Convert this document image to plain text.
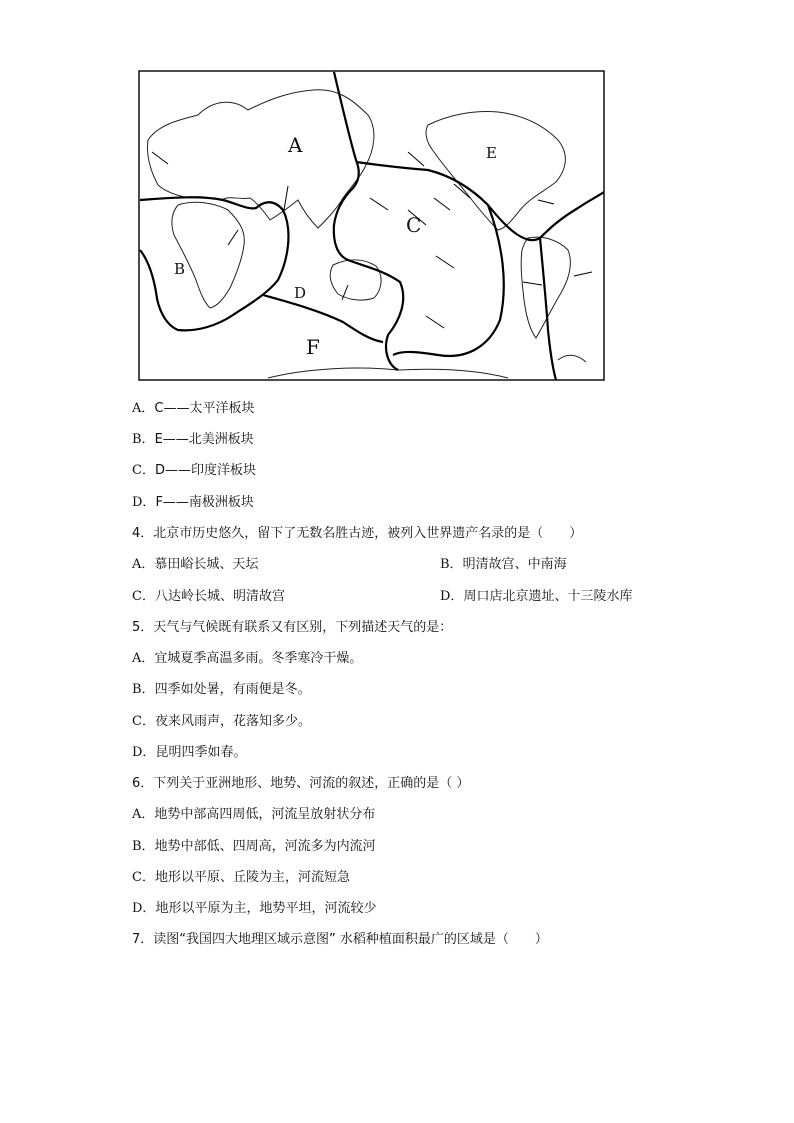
A
B
C
D
E
F
A．C——太平洋板块
B．E——北美洲板块
C．D——印度洋板块
D．F——南极洲板块
4．北京市历史悠久，留下了无数名胜古迹，被列入世界遗产名录的是（　　）
A．慕田峪长城、天坛	B．明清故宫、中南海
C．八达岭长城、明清故宫	D．周口店北京遗址、十三陵水库
5．天气与气候既有联系又有区别，下列描述天气的是：
A．宜城夏季高温多雨。冬季寒冷干燥。
B．四季如处暑，有雨便是冬。
C．夜来风雨声，花落知多少。
D．昆明四季如春。
6．下列关于亚洲地形、地势、河流的叙述，正确的是（ ）
A．地势中部高四周低，河流呈放射状分布
B．地势中部低、四周高，河流多为内流河
C．地形以平原、丘陵为主，河流短急
D．地形以平原为主，地势平坦，河流较少
7．读图“我国四大地理区域示意图” 水稻种植面积最广的区域是（　　）
